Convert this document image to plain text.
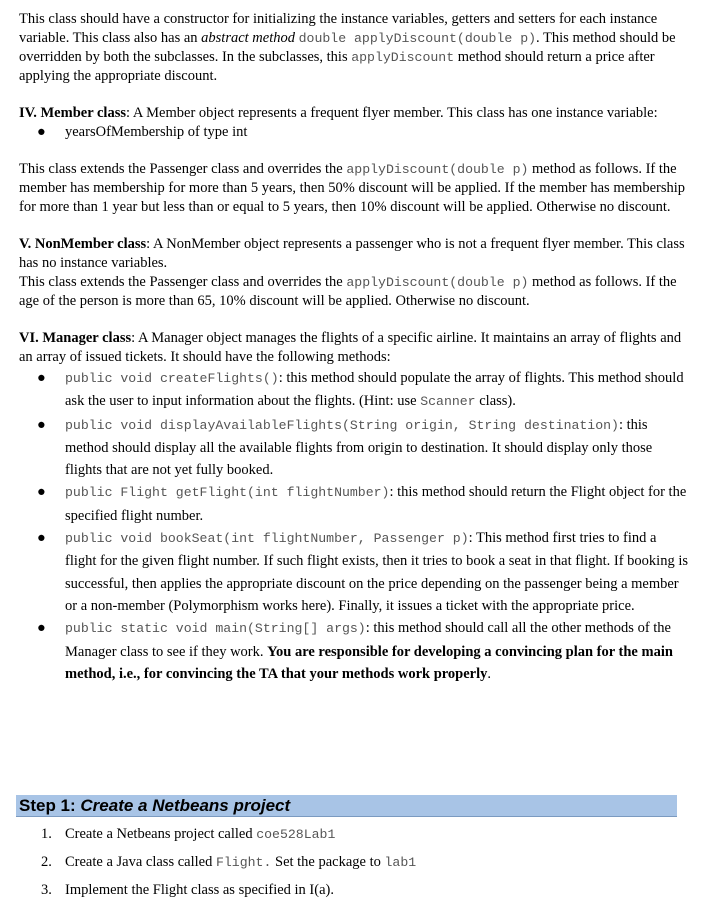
This class should have a constructor for initializing the instance variables, getters and setters for each instance variable. This class also has an abstract method double applyDiscount(double p). This method should be overridden by both the subclasses. In the subclasses, this applyDiscount method should return a price after applying the appropriate discount.

IV. Member class: A Member object represents a frequent flyer member. This class has one instance variable:

● yearsOfMembership of type int

This class extends the Passenger class and overrides the applyDiscount(double p) method as follows. If the member has membership for more than 5 years, then 50% discount will be applied. If the member has membership for more than 1 year but less than or equal to 5 years, then 10% discount will be applied. Otherwise no discount.

V. NonMember class: A NonMember object represents a passenger who is not a frequent flyer member. This class has no instance variables.

This class extends the Passenger class and overrides the applyDiscount(double p) method as follows. If the age of the person is more than 65, 10% discount will be applied. Otherwise no discount.

VI. Manager class: A Manager object manages the flights of a specific airline. It maintains an array of flights and an array of issued tickets. It should have the following methods:

● public void createFlights(): this method should populate the array of flights. This method should ask the user to input information about the flights. (Hint: use Scanner class).
● public void displayAvailableFlights(String origin, String destination): this method should display all the available flights from origin to destination. It should display only those flights that are not yet fully booked.
● public Flight getFlight(int flightNumber): this method should return the Flight object for the specified flight number.
● public void bookSeat(int flightNumber, Passenger p): This method first tries to find a flight for the given flight number. If such flight exists, then it tries to book a seat in that flight. If booking is successful, then applies the appropriate discount on the price depending on the passenger being a member or a non-member (Polymorphism works here). Finally, it issues a ticket with the appropriate price.
● public static void main(String[] args): this method should call all the other methods of the Manager class to see if they work. You are responsible for developing a convincing plan for the main method, i.e., for convincing the TA that your methods work properly.
Step 1: Create a Netbeans project
1. Create a Netbeans project called coe528Lab1
2. Create a Java class called Flight. Set the package to lab1
3. Implement the Flight class as specified in I(a).
